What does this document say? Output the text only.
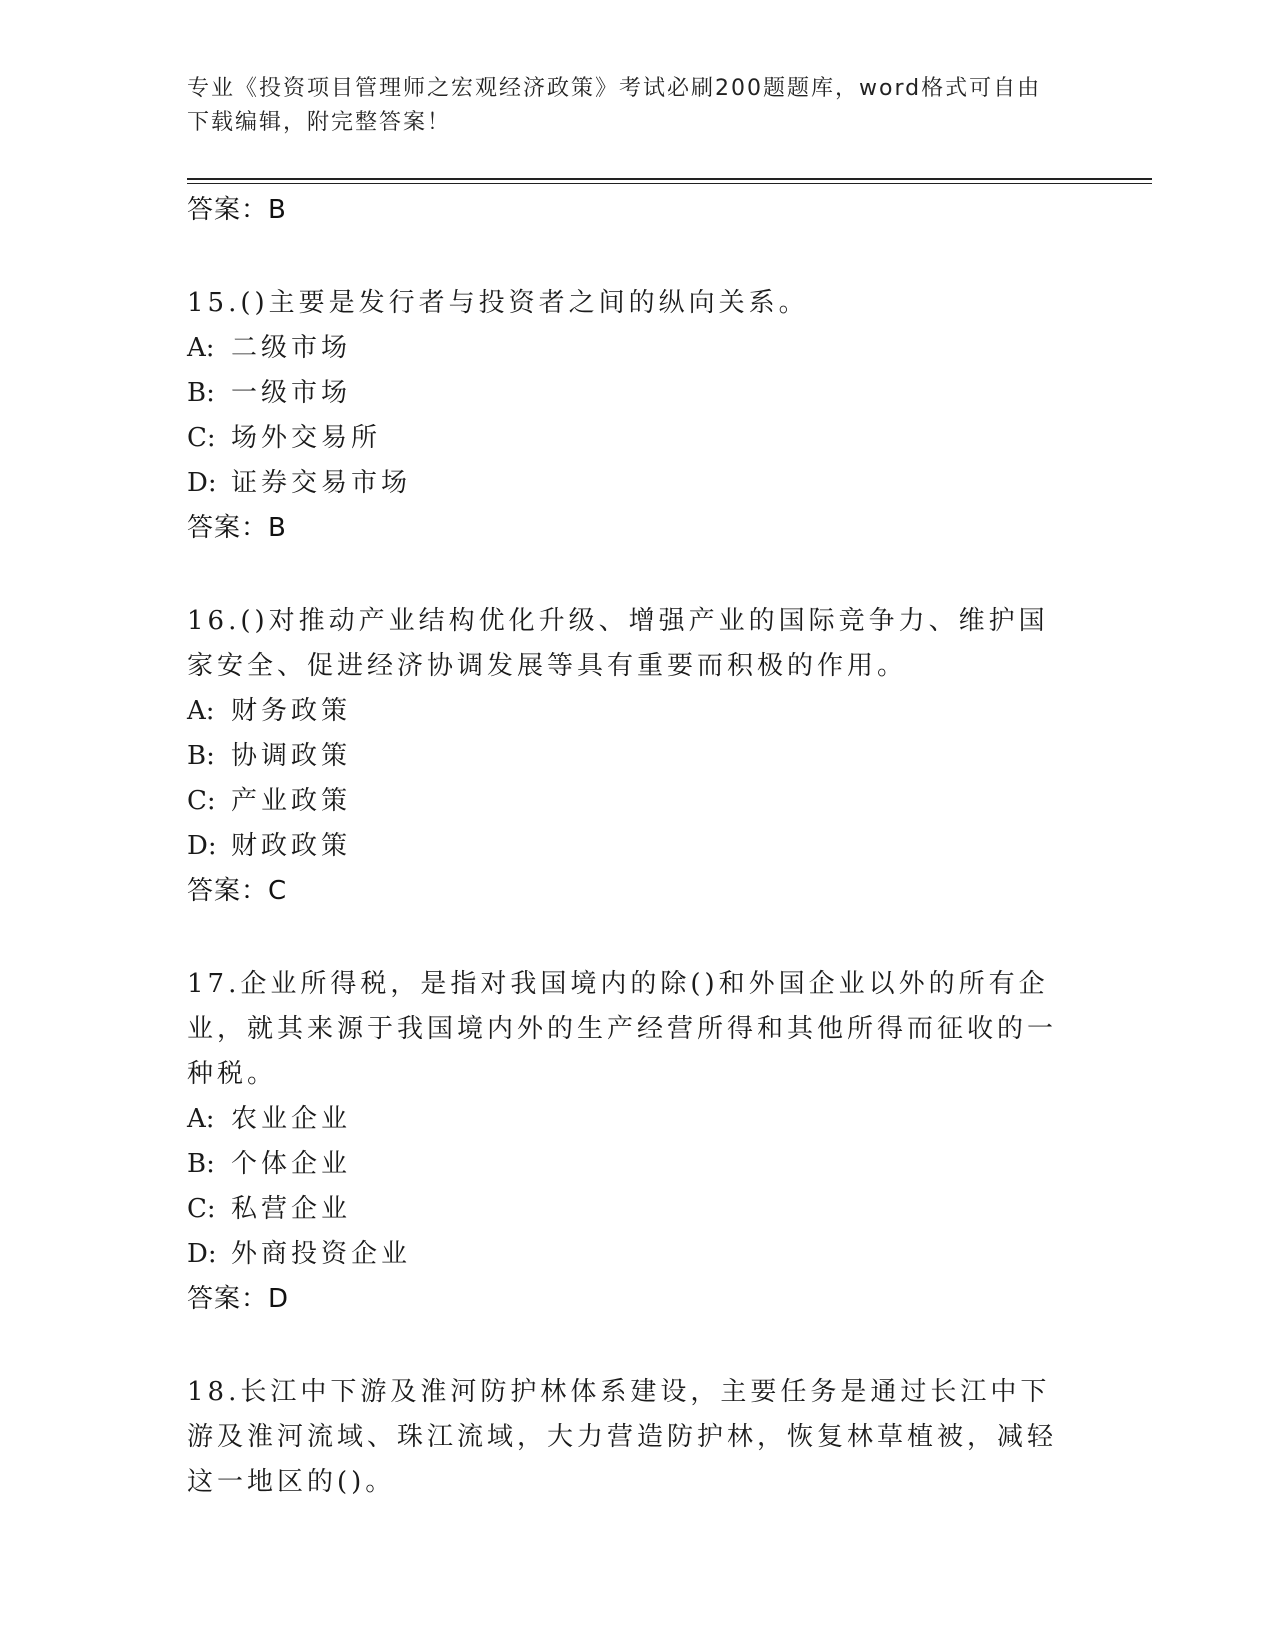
专业《投资项目管理师之宏观经济政策》考试必刷200题题库，word格式可自由
下载编辑，附完整答案！
答案：B
15.()主要是发行者与投资者之间的纵向关系。
A: 二级市场
B: 一级市场
C: 场外交易所
D: 证券交易市场
答案：B
16.()对推动产业结构优化升级、增强产业的国际竞争力、维护国家安全、促进经济协调发展等具有重要而积极的作用。
A: 财务政策
B: 协调政策
C: 产业政策
D: 财政政策
答案：C
17.企业所得税，是指对我国境内的除()和外国企业以外的所有企业，就其来源于我国境内外的生产经营所得和其他所得而征收的一种税。
A: 农业企业
B: 个体企业
C: 私营企业
D: 外商投资企业
答案：D
18.长江中下游及淮河防护林体系建设，主要任务是通过长江中下游及淮河流域、珠江流域，大力营造防护林，恢复林草植被，减轻这一地区的()。
